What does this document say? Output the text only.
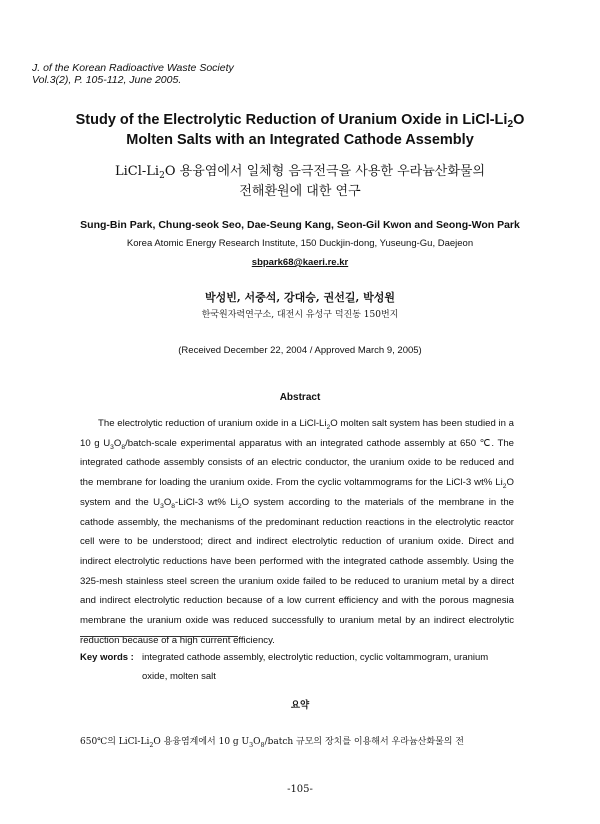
J. of the Korean Radioactive Waste Society
Vol.3(2), P. 105-112, June 2005.
Study of the Electrolytic Reduction of Uranium Oxide in LiCl-$Li_2O$
Molten Salts with an Integrated Cathode Assembly
LiCl-$Li_2O$ 용융염에서 일체형 음극전극을 사용한 우라늄산화물의
전해환원에 대한 연구
Sung-Bin Park, Chung-seok Seo, Dae-Seung Kang, Seon-Gil Kwon and Seong-Won Park
Korea Atomic Energy Research Institute, 150 Duckjin-dong, Yuseung-Gu, Daejeon
sbpark68@kaeri.re.kr
박성빈, 서중석, 강대승, 권선길, 박성원
한국원자력연구소, 대전시 유성구 덕진동 150번지
(Received December 22, 2004 / Approved March 9, 2005)
Abstract

The electrolytic reduction of uranium oxide in a LiCl-$Li_2O$ molten salt system has been studied in a 10 g $U_3O_8/batch$-scale experimental apparatus with an integrated cathode assembly at 650 ℃. The integrated cathode assembly consists of an electric conductor, the uranium oxide to be reduced and the membrane for loading the uranium oxide. From the cyclic voltammograms for the LiCl-3 wt% $Li_2O$ system and the $U_3O_8-LiCl-3$ wt% $Li_2O$ system according to the materials of the membrane in the cathode assembly, the mechanisms of the predominant reduction reactions in the electrolytic reactor cell were to be understood; direct and indirect electrolytic reduction of uranium oxide. Direct and indirect electrolytic reductions have been performed with the integrated cathode assembly. Using the 325-mesh stainless steel screen the uranium oxide failed to be reduced to uranium metal by a direct and indirect electrolytic reduction because of a low current efficiency and with the porous magnesia membrane the uranium oxide was reduced successfully to uranium metal by an indirect electrolytic reduction because of a high current efficiency.

Key words : integrated cathode assembly, electrolytic reduction, cyclic voltammogram, uranium oxide, molten salt
요약
650℃의 LiCl-$Li_2O$ 용융염계에서 10 g $U_3O_8$/batch 규모의 장치를 이용해서 우라늄산화물의 전
-105-
